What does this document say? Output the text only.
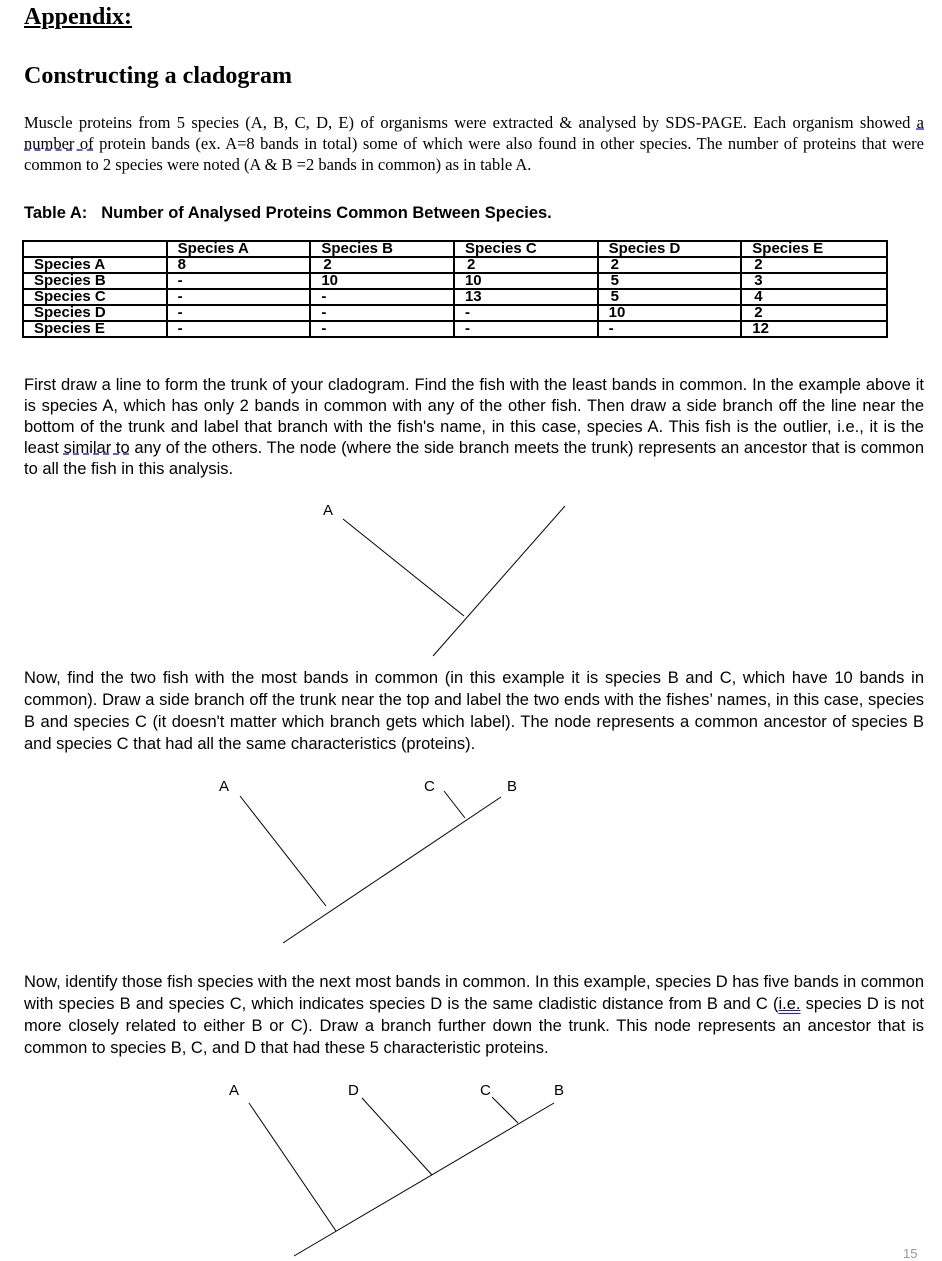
Appendix:
Constructing a cladogram

Muscle proteins from 5 species (A, B, C, D, E) of organisms were extracted & analysed by SDS-PAGE. Each organism showed a number of protein bands (ex. A=8 bands in total) some of which were also found in other species. The number of proteins that were common to 2 species were noted (A & B =2 bands in common) as in table A.

Table A: Number of Analysed Proteins Common Between Species.

	Species A	Species B	Species C	Species D	Species E
Species A	8	2	2	2	2
Species B	-	10	10	5	3
Species C	-	-	13	5	4
Species D	-	-	-	10	2
Species E	-	-	-	-	12

First draw a line to form the trunk of your cladogram. Find the fish with the least bands in common. In the example above it is species A, which has only 2 bands in common with any of the other fish. Then draw a side branch off the line near the bottom of the trunk and label that branch with the fish's name, in this case, species A. This fish is the outlier, i.e., it is the least similar to any of the others. The node (where the side branch meets the trunk) represents an ancestor that is common to all the fish in this analysis.

A

Now, find the two fish with the most bands in common (in this example it is species B and C, which have 10 bands in common). Draw a side branch off the trunk near the top and label the two ends with the fishes’ names, in this case, species B and species C (it doesn't matter which branch gets which label). The node represents a common ancestor of species B and species C that had all the same characteristics (proteins).

A	C	B

Now, identify those fish species with the next most bands in common. In this example, species D has five bands in common with species B and species C, which indicates species D is the same cladistic distance from B and C (i.e. species D is not more closely related to either B or C). Draw a branch further down the trunk. This node represents an ancestor that is common to species B, C, and D that had these 5 characteristic proteins.

A	D	C	B
15
